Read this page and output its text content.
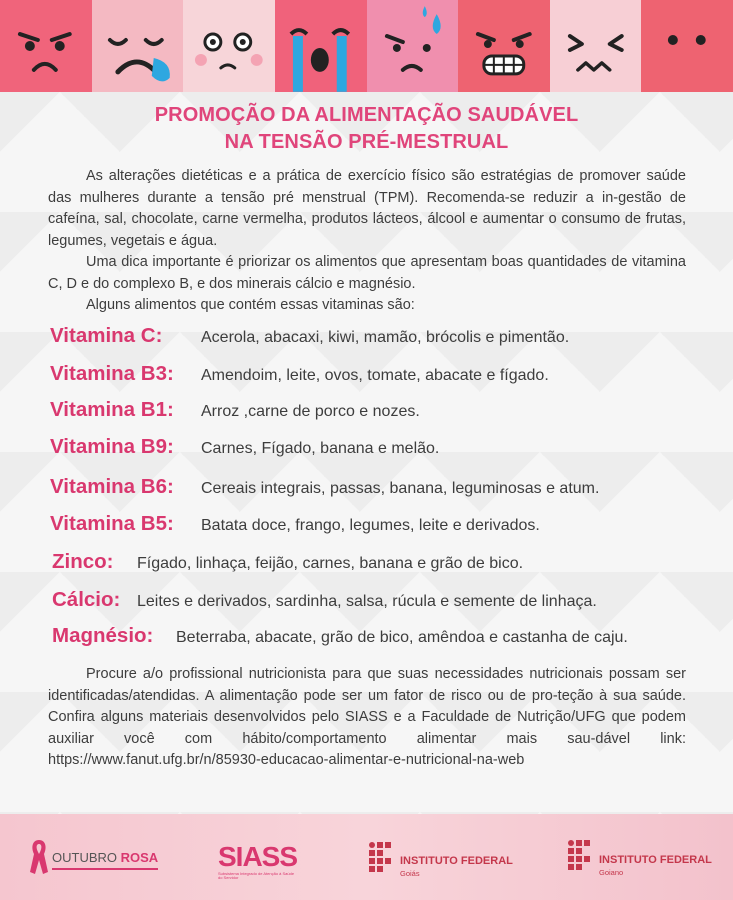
PROMOÇÃO DA ALIMENTAÇÃO SAUDÁVEL
NA TENSÃO PRÉ-MESTRUAL

As alterações dietéticas e a prática de exercício físico são estratégias de promover saúde das mulheres durante a tensão pré menstrual (TPM). Recomenda-se reduzir a in-gestão de cafeína, sal, chocolate, carne vermelha, produtos lácteos, álcool e aumentar o consumo de frutas, legumes, vegetais e água.

Uma dica importante é priorizar os alimentos que apresentam boas quantidades de vitamina C, D e do complexo B, e dos minerais cálcio e magnésio.

Alguns alimentos que contém essas vitaminas são:

Vitamina C: Acerola, abacaxi, kiwi, mamão, brócolis e pimentão.
Vitamina B3: Amendoim, leite, ovos, tomate, abacate e fígado.
Vitamina B1: Arroz ,carne de porco e nozes.
Vitamina B9: Carnes, Fígado, banana e melão.
Vitamina B6: Cereais integrais, passas, banana, leguminosas e atum.
Vitamina B5: Batata doce, frango, legumes, leite e derivados.
Zinco: Fígado, linhaça, feijão, carnes, banana e grão de bico.
Cálcio: Leites e derivados, sardinha, salsa, rúcula e semente de linhaça.
Magnésio: Beterraba, abacate, grão de bico, amêndoa e castanha de caju.

Procure a/o profissional nutricionista para que suas necessidades nutricionais possam ser identificadas/atendidas. A alimentação pode ser um fator de risco ou de pro-teção à sua saúde. Confira alguns materiais desenvolvidos pelo SIASS e a Faculdade de Nutrição/UFG que podem auxiliar você com hábito/comportamento alimentar mais sau-dável link: https://www.fanut.ufg.br/n/85930-educacao-alimentar-e-nutricional-na-web

OUTUBRO ROSA SIASS
Subsistema Integrado de Atenção à Saúde do Servidor
INSTITUTO FEDERAL
Goiás
INSTITUTO FEDERAL
Goiano
